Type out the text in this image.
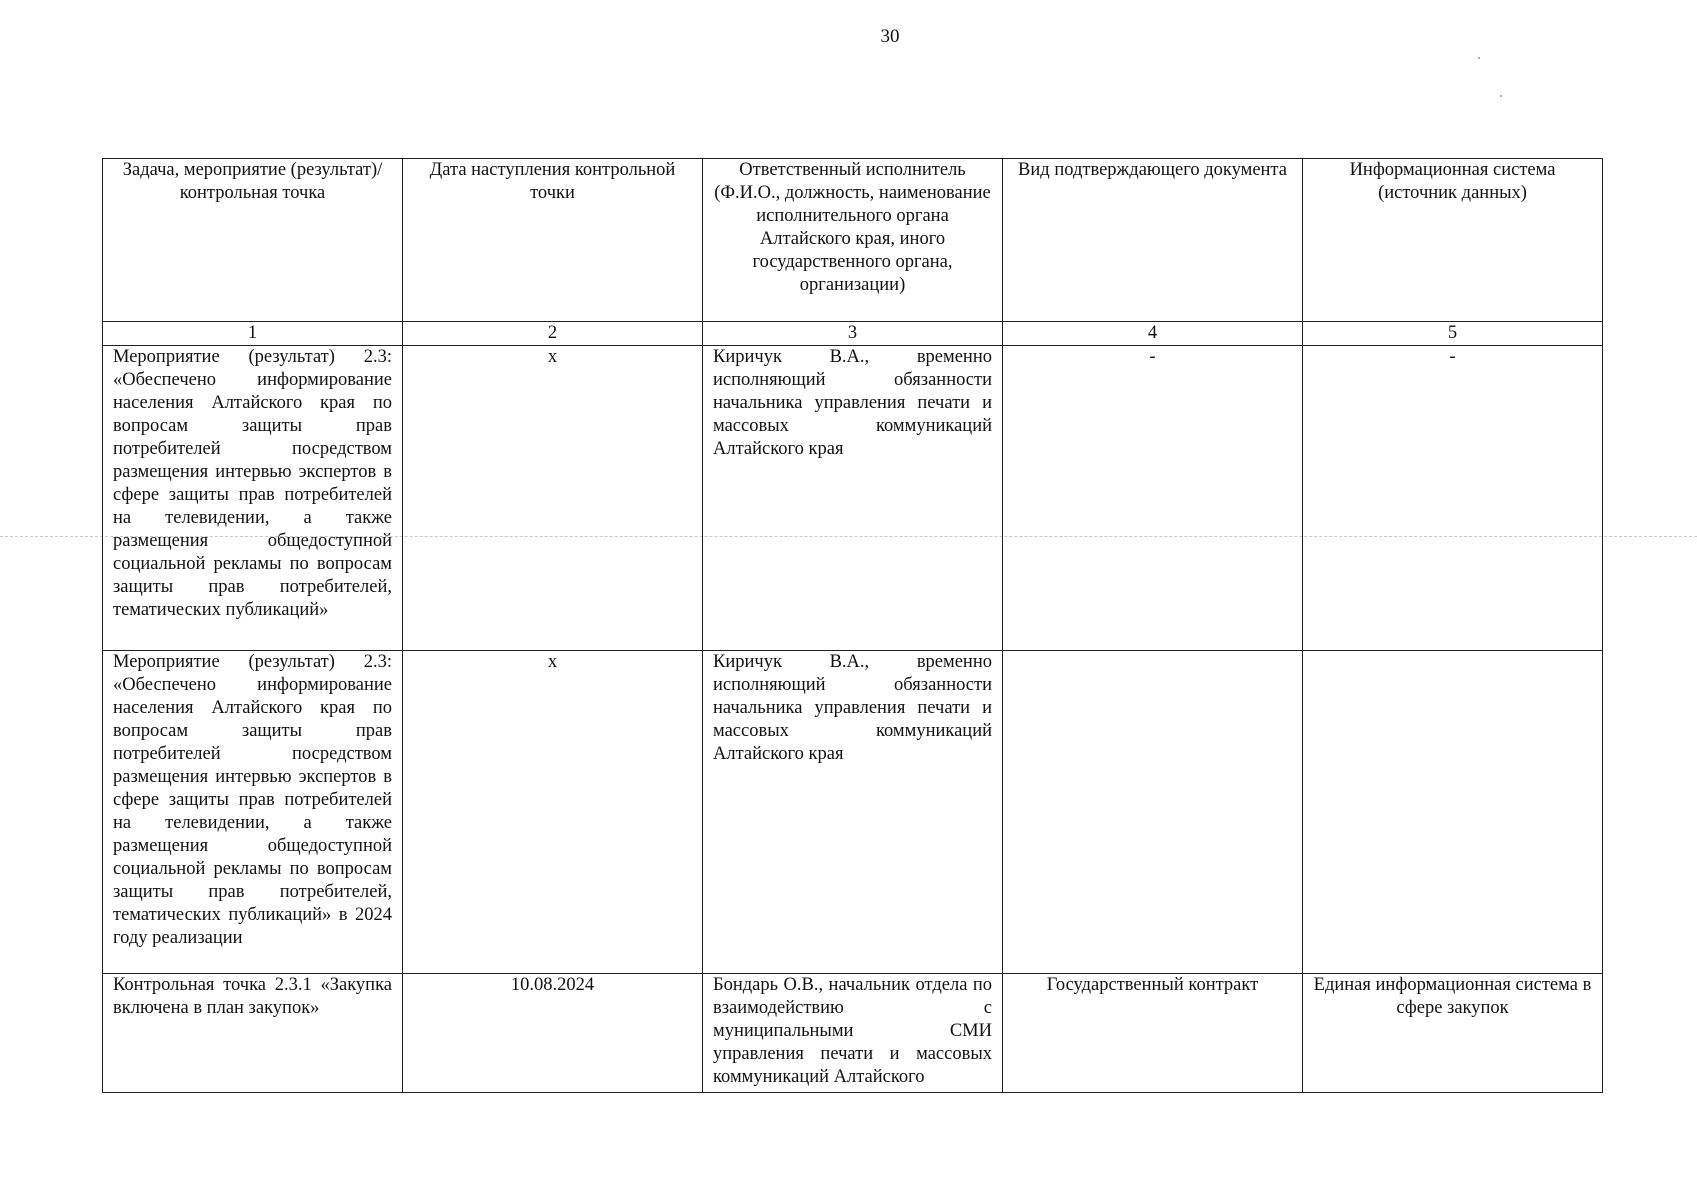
30
Задача, мероприятие (результат)/ контрольная точка	Дата наступления контрольной точки	Ответственный исполнитель (Ф.И.О., должность, наименование исполнительного органа Алтайского края, иного государственного органа, организации)	Вид подтверждающего документа	Информационная система (источник данных)
1	2	3	4	5
Мероприятие (результат) 2.3: «Обеспечено информирование населения Алтайского края по вопросам защиты прав потребителей посредством размещения интервью экспертов в сфере защиты прав потребителей на телевидении, а также размещения общедоступной социальной рекламы по вопросам защиты прав потребителей, тематических публикаций»	х	Киричук В.А., временно исполняющий обязанности начальника управления печати и массовых коммуникаций Алтайского края	-	-
Мероприятие (результат) 2.3: «Обеспечено информирование населения Алтайского края по вопросам защиты прав потребителей посредством размещения интервью экспертов в сфере защиты прав потребителей на телевидении, а также размещения общедоступной социальной рекламы по вопросам защиты прав потребителей, тематических публикаций» в 2024 году реализации	х	Киричук В.А., временно исполняющий обязанности начальника управления печати и массовых коммуникаций Алтайского края		

Контрольная точка 2.3.1 «Закупка включена в план закупок»	10.08.2024	Бондарь О.В., начальник отдела по взаимодействию с муниципальными СМИ управления печати и массовых коммуникаций Алтайского	Государственный контракт	Единая информационная система в сфере закупок
